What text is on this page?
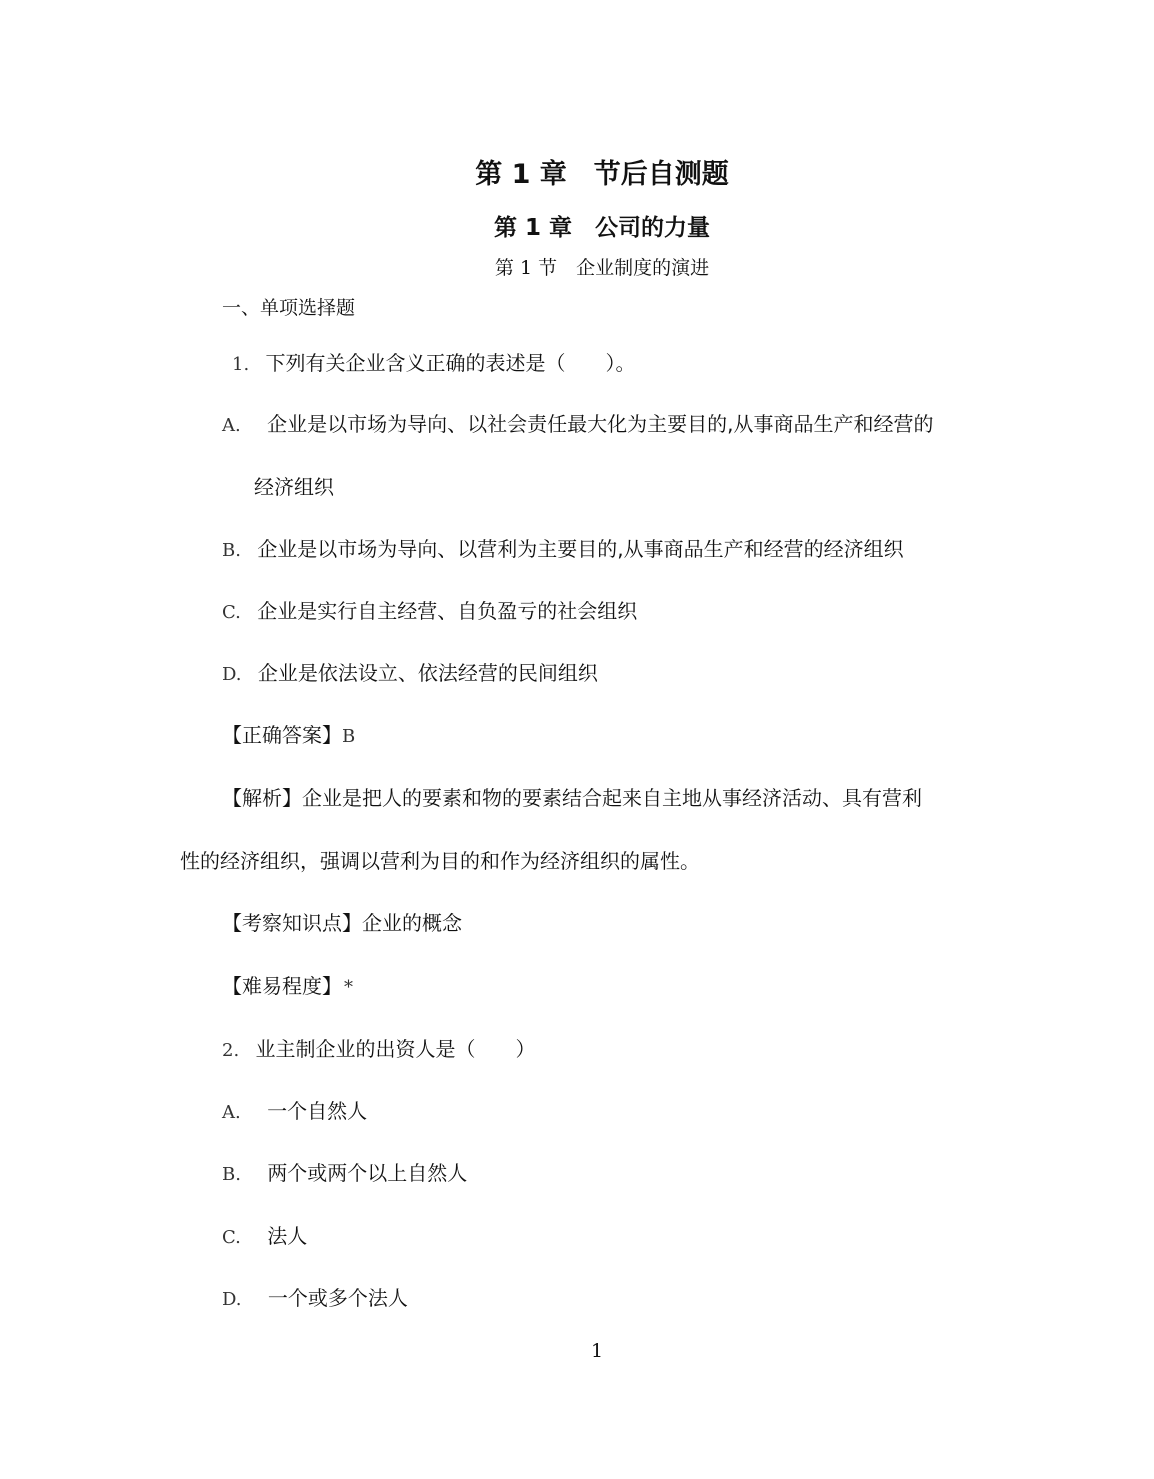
第 1 章　节后自测题
第 1 章　公司的力量
第 1 节　企业制度的演进
一、单项选择题
1. 下列有关企业含义正确的表述是（　　）。
A. 企业是以市场为导向、以社会责任最大化为主要目的,从事商品生产和经营的
经济组织
B. 企业是以市场为导向、以营利为主要目的,从事商品生产和经营的经济组织
C. 企业是实行自主经营、自负盈亏的社会组织
D. 企业是依法设立、依法经营的民间组织
【正确答案】B
【解析】企业是把人的要素和物的要素结合起来自主地从事经济活动、具有营利
性的经济组织，强调以营利为目的和作为经济组织的属性。
【考察知识点】企业的概念
【难易程度】 *
2. 业主制企业的出资人是（　　）
A. 一个自然人
B. 两个或两个以上自然人
C. 法人
D. 一个或多个法人
1
